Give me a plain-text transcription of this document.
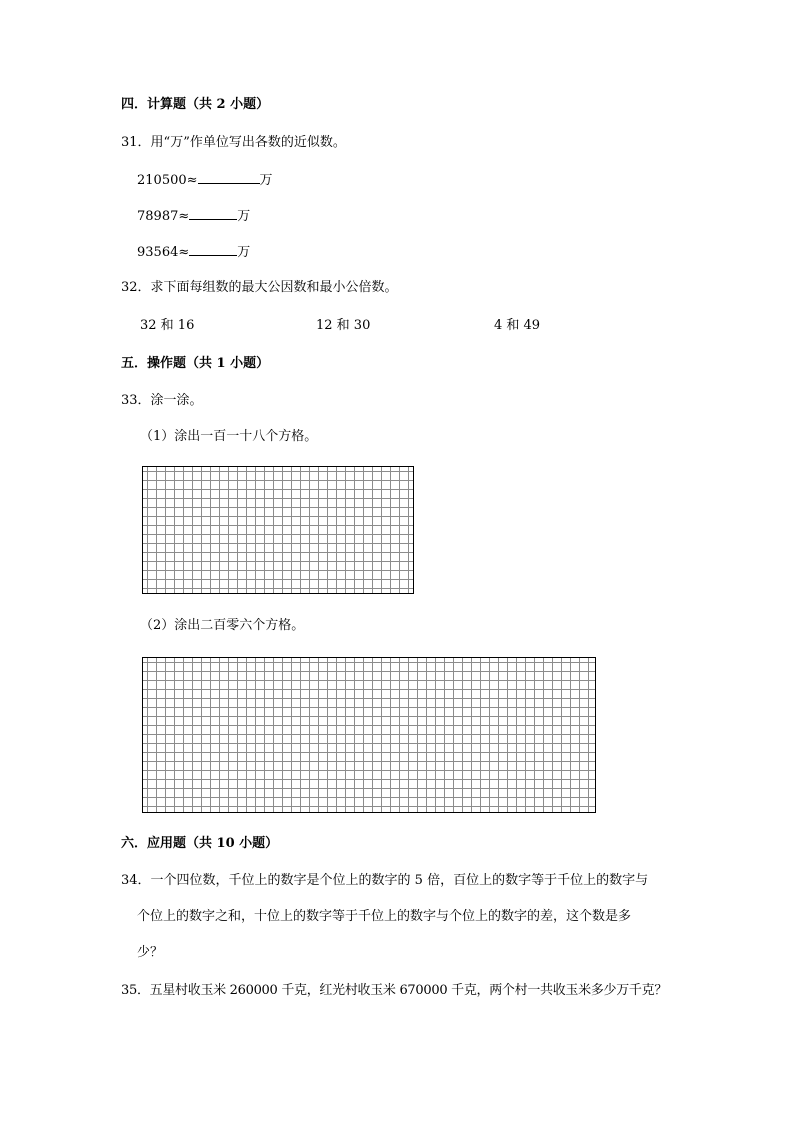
四．计算题（共 2 小题）
31．用“万”作单位写出各数的近似数。
210500≈	万
78987≈	万
93564≈	万
32．求下面每组数的最大公因数和最小公倍数。
32 和 16	12 和 30	4 和 49
五．操作题（共 1 小题）
33．涂一涂。
（1）涂出一百一十八个方格。
（2）涂出二百零六个方格。
六．应用题（共 10 小题）
34．一个四位数，千位上的数字是个位上的数字的 5 倍，百位上的数字等于千位上的数字与
个位上的数字之和，十位上的数字等于千位上的数字与个位上的数字的差，这个数是多
少？
35．五星村收玉米 260000 千克，红光村收玉米 670000 千克，两个村一共收玉米多少万千克？
